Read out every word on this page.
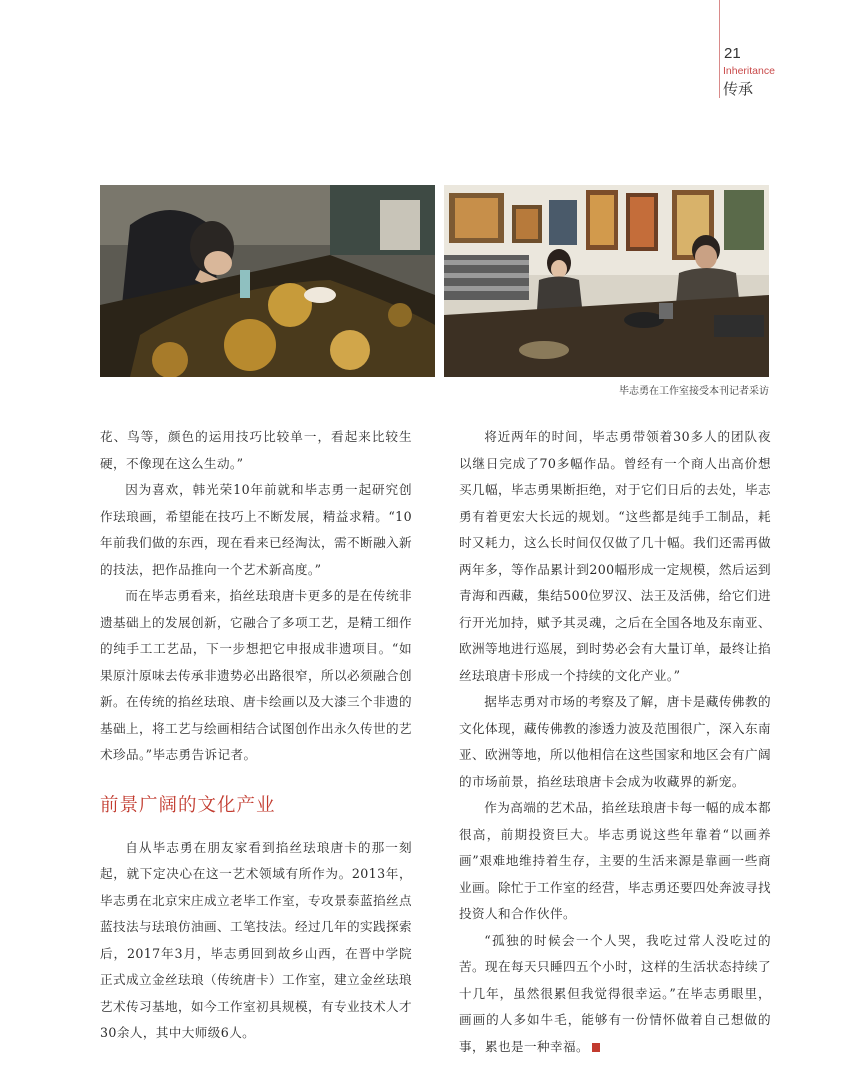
21
Inheritance
传承
毕志勇在工作室接受本刊记者采访

花、鸟等，颜色的运用技巧比较单一，看起来比较生硬，不像现在这么生动。”

因为喜欢，韩光荣10年前就和毕志勇一起研究创作珐琅画，希望能在技巧上不断发展，精益求精。“10年前我们做的东西，现在看来已经淘汰，需不断融入新的技法，把作品推向一个艺术新高度。”

而在毕志勇看来，掐丝珐琅唐卡更多的是在传统非遗基础上的发展创新，它融合了多项工艺，是精工细作的纯手工工艺品，下一步想把它申报成非遗项目。“如果原汁原味去传承非遗势必出路很窄，所以必须融合创新。在传统的掐丝珐琅、唐卡绘画以及大漆三个非遗的基础上，将工艺与绘画相结合试图创作出永久传世的艺术珍品。”毕志勇告诉记者。

前景广阔的文化产业

自从毕志勇在朋友家看到掐丝珐琅唐卡的那一刻起，就下定决心在这一艺术领域有所作为。2013年，毕志勇在北京宋庄成立老毕工作室，专攻景泰蓝掐丝点蓝技法与珐琅仿油画、工笔技法。经过几年的实践探索后，2017年3月，毕志勇回到故乡山西，在晋中学院正式成立金丝珐琅（传统唐卡）工作室，建立金丝珐琅艺术传习基地，如今工作室初具规模，有专业技术人才30余人，其中大师级6人。

将近两年的时间，毕志勇带领着30多人的团队夜以继日完成了70多幅作品。曾经有一个商人出高价想买几幅，毕志勇果断拒绝，对于它们日后的去处，毕志勇有着更宏大长远的规划。“这些都是纯手工制品，耗时又耗力，这么长时间仅仅做了几十幅。我们还需再做两年多，等作品累计到200幅形成一定规模，然后运到青海和西藏，集结500位罗汉、法王及活佛，给它们进行开光加持，赋予其灵魂，之后在全国各地及东南亚、欧洲等地进行巡展，到时势必会有大量订单，最终让掐丝珐琅唐卡形成一个持续的文化产业。”

据毕志勇对市场的考察及了解，唐卡是藏传佛教的文化体现，藏传佛教的渗透力波及范围很广，深入东南亚、欧洲等地，所以他相信在这些国家和地区会有广阔的市场前景，掐丝珐琅唐卡会成为收藏界的新宠。

作为高端的艺术品，掐丝珐琅唐卡每一幅的成本都很高，前期投资巨大。毕志勇说这些年靠着“以画养画”艰难地维持着生存，主要的生活来源是靠画一些商业画。除忙于工作室的经营，毕志勇还要四处奔波寻找投资人和合作伙伴。

“孤独的时候会一个人哭，我吃过常人没吃过的苦。现在每天只睡四五个小时，这样的生活状态持续了十几年，虽然很累但我觉得很幸运。”在毕志勇眼里，画画的人多如牛毛，能够有一份情怀做着自己想做的事，累也是一种幸福。
